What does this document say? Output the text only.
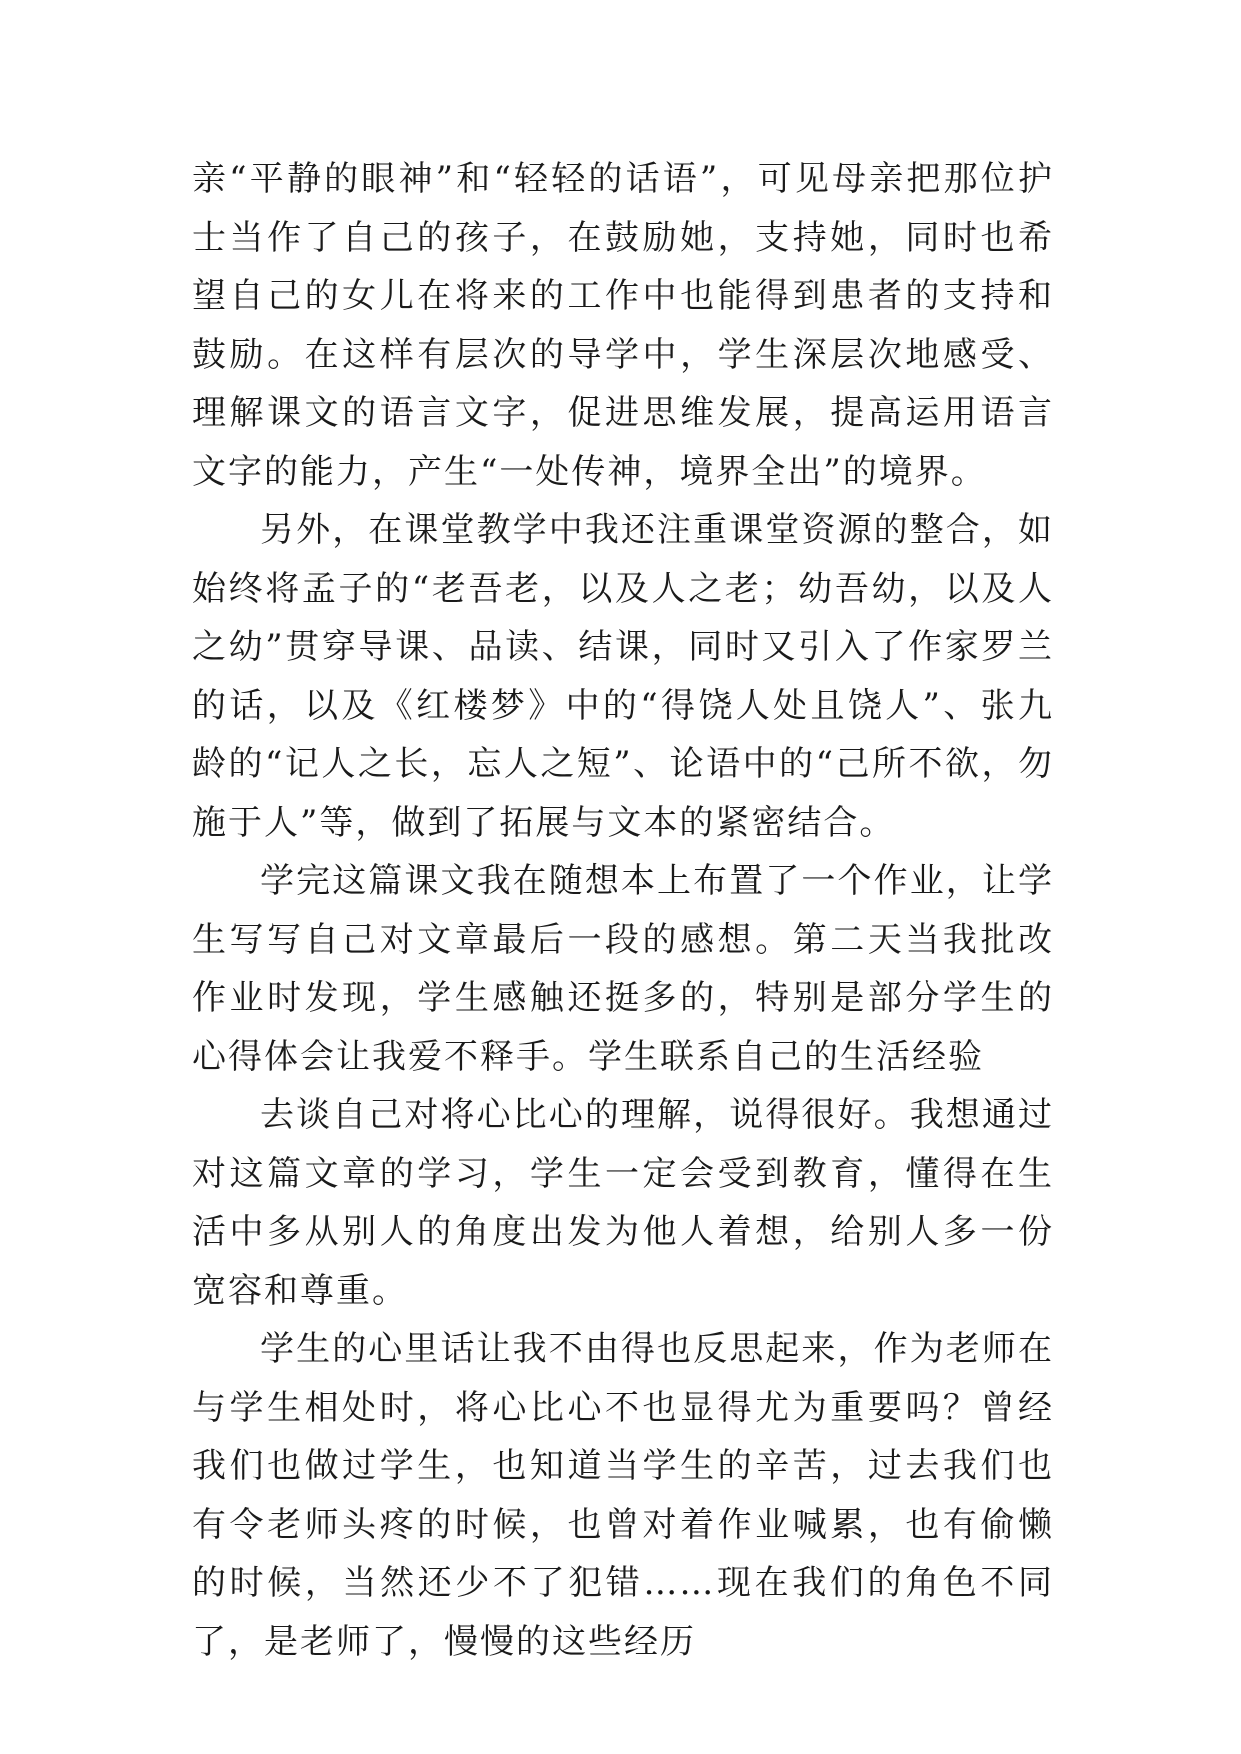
亲“平静的眼神”和“轻轻的话语”，可见母亲把那位护士当作了自己的孩子，在鼓励她，支持她，同时也希望自己的女儿在将来的工作中也能得到患者的支持和鼓励。在这样有层次的导学中，学生深层次地感受、理解课文的语言文字，促进思维发展，提高运用语言文字的能力，产生“一处传神，境界全出”的境界。

另外，在课堂教学中我还注重课堂资源的整合，如始终将孟子的“老吾老，以及人之老；幼吾幼，以及人之幼”贯穿导课、品读、结课，同时又引入了作家罗兰的话，以及《红楼梦》中的“得饶人处且饶人”、张九龄的“记人之长，忘人之短”、论语中的“己所不欲，勿施于人”等，做到了拓展与文本的紧密结合。

学完这篇课文我在随想本上布置了一个作业，让学生写写自己对文章最后一段的感想。第二天当我批改作业时发现，学生感触还挺多的，特别是部分学生的心得体会让我爱不释手。学生联系自己的生活经验

去谈自己对将心比心的理解，说得很好。我想通过对这篇文章的学习，学生一定会受到教育，懂得在生活中多从别人的角度出发为他人着想，给别人多一份宽容和尊重。

学生的心里话让我不由得也反思起来，作为老师在与学生相处时，将心比心不也显得尤为重要吗？曾经我们也做过学生，也知道当学生的辛苦，过去我们也有令老师头疼的时候，也曾对着作业喊累，也有偷懒的时候，当然还少不了犯错……现在我们的角色不同了，是老师了，慢慢的这些经历
